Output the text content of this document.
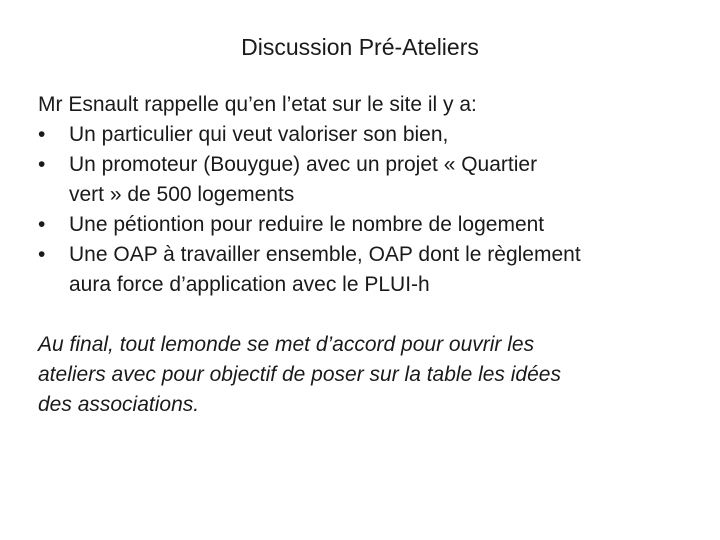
Discussion Pré-Ateliers

Mr Esnault rappelle qu’en l’etat sur le site il y a:

•	Un particulier qui veut valoriser son bien,
•	Un promoteur (Bouygue) avec un projet « Quartier
vert » de 500 logements
•	Une pétiontion pour reduire le nombre de logement
•	Une OAP à travailler ensemble, OAP dont le règlement
aura force d’application avec le PLUI-h

Au final, tout lemonde se met d’accord pour ouvrir les
ateliers avec pour objectif de poser sur la table les idées
des associations.
